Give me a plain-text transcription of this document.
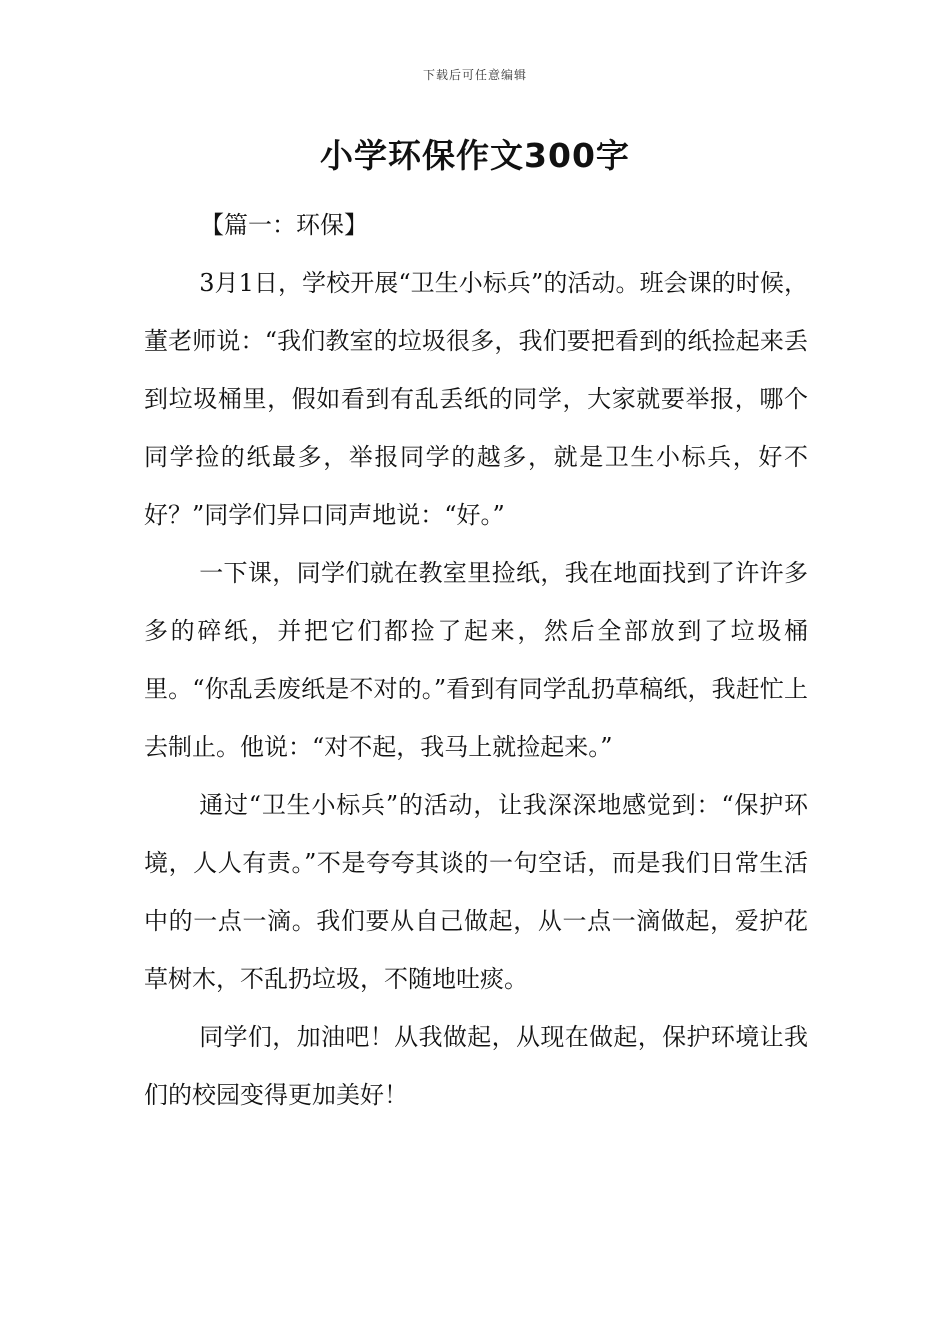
下载后可任意编辑
小学环保作文300字

【篇一：环保】

3月1日，学校开展“卫生小标兵”的活动。班会课的时候，董老师说：“我们教室的垃圾很多，我们要把看到的纸捡起来丢到垃圾桶里，假如看到有乱丢纸的同学，大家就要举报，哪个同学捡的纸最多，举报同学的越多，就是卫生小标兵，好不好？”同学们异口同声地说：“好。”

一下课，同学们就在教室里捡纸，我在地面找到了许许多多的碎纸，并把它们都捡了起来，然后全部放到了垃圾桶里。“你乱丢废纸是不对的。”看到有同学乱扔草稿纸，我赶忙上去制止。他说：“对不起，我马上就捡起来。”

通过“卫生小标兵”的活动，让我深深地感觉到：“保护环境，人人有责。”不是夸夸其谈的一句空话，而是我们日常生活中的一点一滴。我们要从自己做起，从一点一滴做起，爱护花草树木，不乱扔垃圾，不随地吐痰。

同学们，加油吧！从我做起，从现在做起，保护环境让我们的校园变得更加美好！
